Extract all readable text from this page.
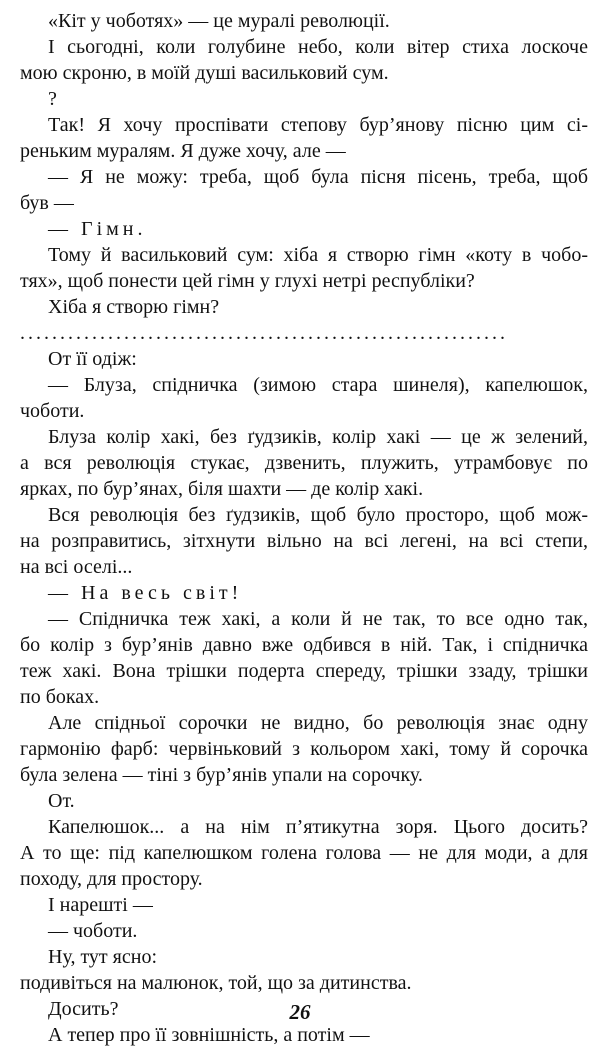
«Кіт у чоботях» — це муралі революції.
І сьогодні, коли голубине небо, коли вітер стиха лоскоче
мою скроню, в моїй душі васильковий сум.
?
Так! Я хочу проспівати степову бур’янову пісню цим сі-
реньким муралям. Я дуже хочу, але —
— Я не можу: треба, щоб була пісня пісень, треба, щоб
був —
— Гімн.
Тому й васильковий сум: хіба я створю гімн «коту в чобо-
тях», щоб понести цей гімн у глухі нетрі республіки?
Хіба я створю гімн?
.............................................................
От її одіж:
— Блуза, спідничка (зимою стара шинеля), капелюшок,
чоботи.
Блуза колір хакі, без ґудзиків, колір хакі — це ж зелений,
а вся революція стукає, дзвенить, плужить, утрамбовує по
ярках, по бур’янах, біля шахти — де колір хакі.
Вся революція без ґудзиків, щоб було просторо, щоб мож-
на розправитись, зітхнути вільно на всі легені, на всі степи,
на всі оселі...
— На весь світ!
— Спідничка теж хакі, а коли й не так, то все одно так,
бо колір з бур’янів давно вже одбився в ній. Так, і спідничка
теж хакі. Вона трішки подерта спереду, трішки ззаду, трішки
по боках.
Але спідньої сорочки не видно, бо революція знає одну
гармонію фарб: червіньковий з кольором хакі, тому й сорочка
була зелена — тіні з бур’янів упали на сорочку.
От.
Капелюшок... а на нім п’ятикутна зоря. Цього досить?
А то ще: під капелюшком голена голова — не для моди, а для
походу, для простору.
І нарешті —
— чоботи.
Ну, тут ясно:
подивіться на малюнок, той, що за дитинства.
Досить?
А тепер про її зовнішність, а потім —
26
